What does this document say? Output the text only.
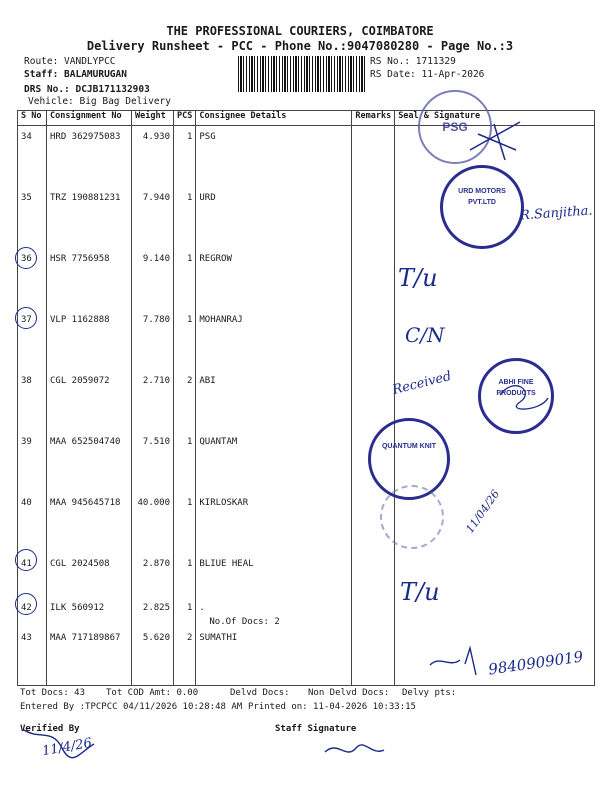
THE PROFESSIONAL COURIERS, COIMBATORE
Delivery Runsheet - PCC - Phone No.:9047080280 - Page No.:3
Route: VANDLYPCC
Staff: BALAMURUGAN
DRS No.: DCJB171132903
Vehicle: Big Bag Delivery
RS No.: 1711329
RS Date: 11-Apr-2026
S No	Consignment No	Weight	PCS	Consignee Details	Remarks	Seal & Signature
34	HRD 362975083	4.930	1	PSG		
35	TRZ 190881231	7.940	1	URD		
36	HSR 7756958	9.140	1	REGROW		
37	VLP 1162888	7.780	1	MOHANRAJ		
38	CGL 2059072	2.710	2	ABI		
39	MAA 652504740	7.510	1	QUANTAM		
40	MAA 945645718	40.000	1	KIRLOSKAR		
41	CGL 2024508	2.870	1	BLIUE HEAL		
42	ILK 560912	2.825	1	.
No.Of Docs: 2		

43	MAA 717189867	5.620	2	SUMATHI		
Tot Docs: 43 Tot COD Amt: 0.00	Delvd Docs: Non Delvd Docs: Delvy pts:
Entered By :TPCPCC 04/11/2026 10:28:48 AM Printed on: 11-04-2026 10:33:15
Verified By	Staff Signature
PSG
URD MOTORS PVT.LTD
ABHI FINE PRODUCTS
QUANTUM KNIT
R.Sanjitha.
T/u
C/N
Received
11/04/26
T/u
9840909019
11/4/26
